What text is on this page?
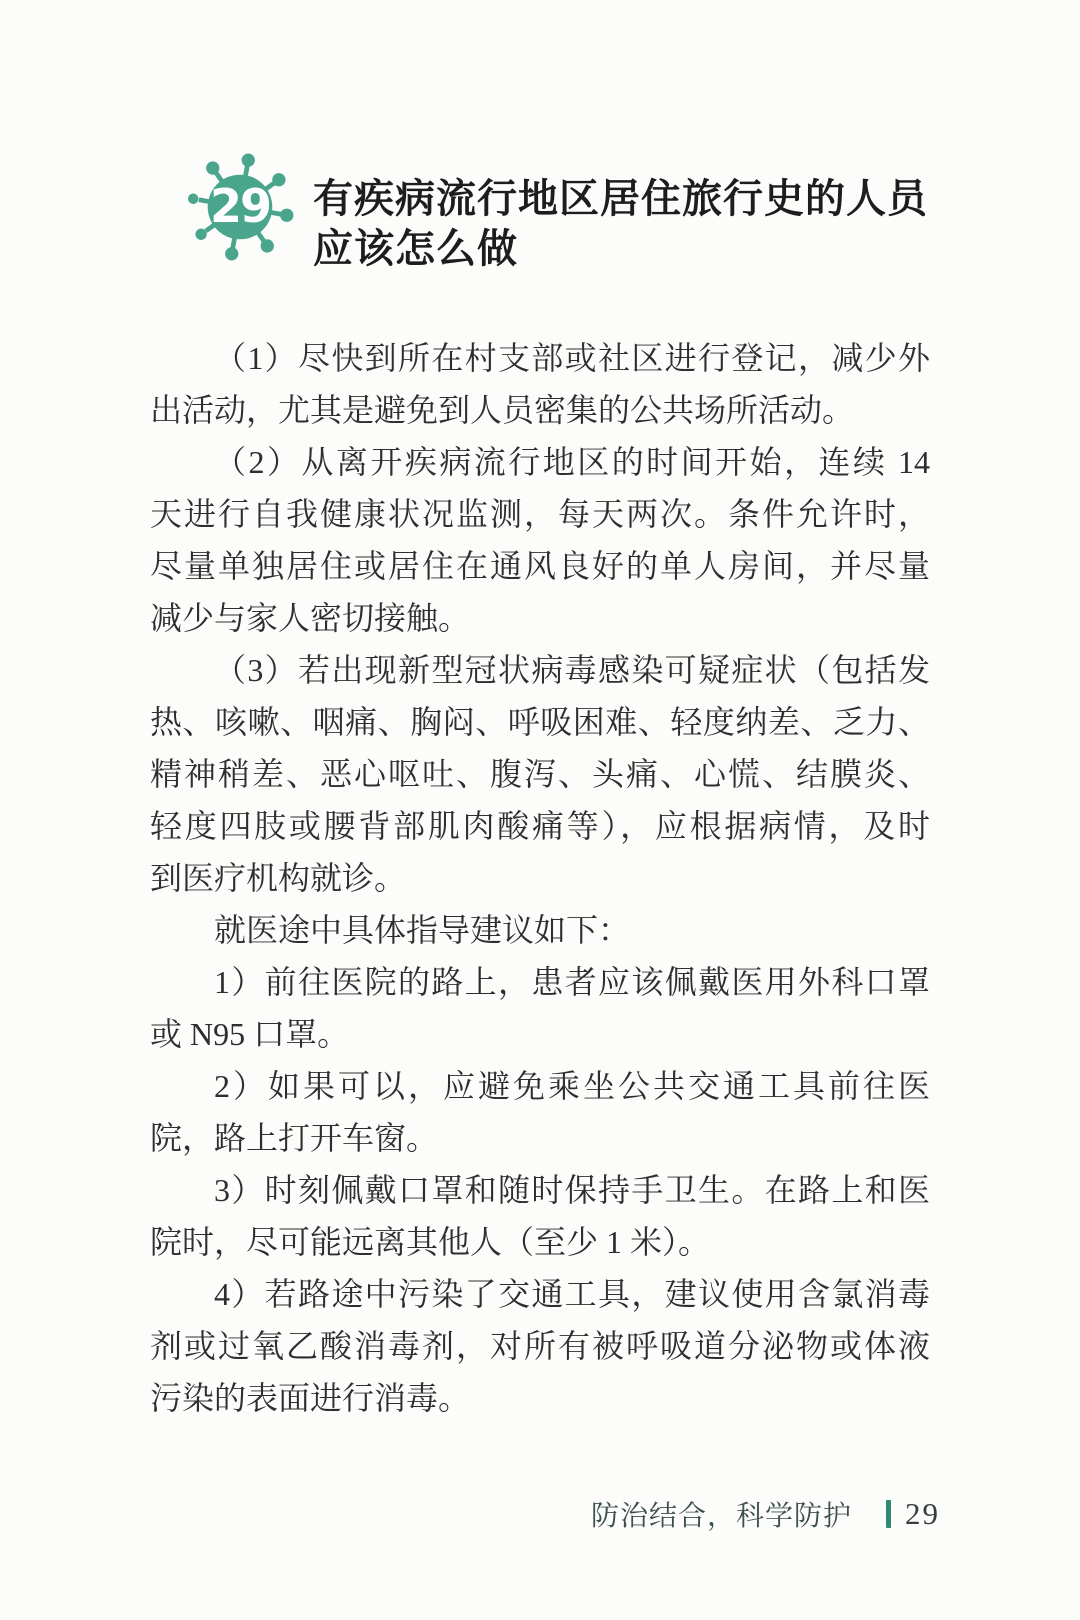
29	有疾病流行地区居住旅行史的人员
应该怎么做
（1）尽快到所在村支部或社区进行登记，减少外
出活动，尤其是避免到人员密集的公共场所活动。
（2）从离开疾病流行地区的时间开始，连续 14
天进行自我健康状况监测，每天两次。条件允许时，
尽量单独居住或居住在通风良好的单人房间，并尽量
减少与家人密切接触。
（3）若出现新型冠状病毒感染可疑症状（包括发
热、咳嗽、咽痛、胸闷、呼吸困难、轻度纳差、乏力、
精神稍差、恶心呕吐、腹泻、头痛、心慌、结膜炎、
轻度四肢或腰背部肌肉酸痛等），应根据病情，及时
到医疗机构就诊。
就医途中具体指导建议如下：
1）前往医院的路上，患者应该佩戴医用外科口罩
或 N95 口罩。
2）如果可以，应避免乘坐公共交通工具前往医
院，路上打开车窗。
3）时刻佩戴口罩和随时保持手卫生。在路上和医
院时，尽可能远离其他人（至少 1 米）。
4）若路途中污染了交通工具，建议使用含氯消毒
剂或过氧乙酸消毒剂，对所有被呼吸道分泌物或体液
污染的表面进行消毒。
防治结合，科学防护 29
